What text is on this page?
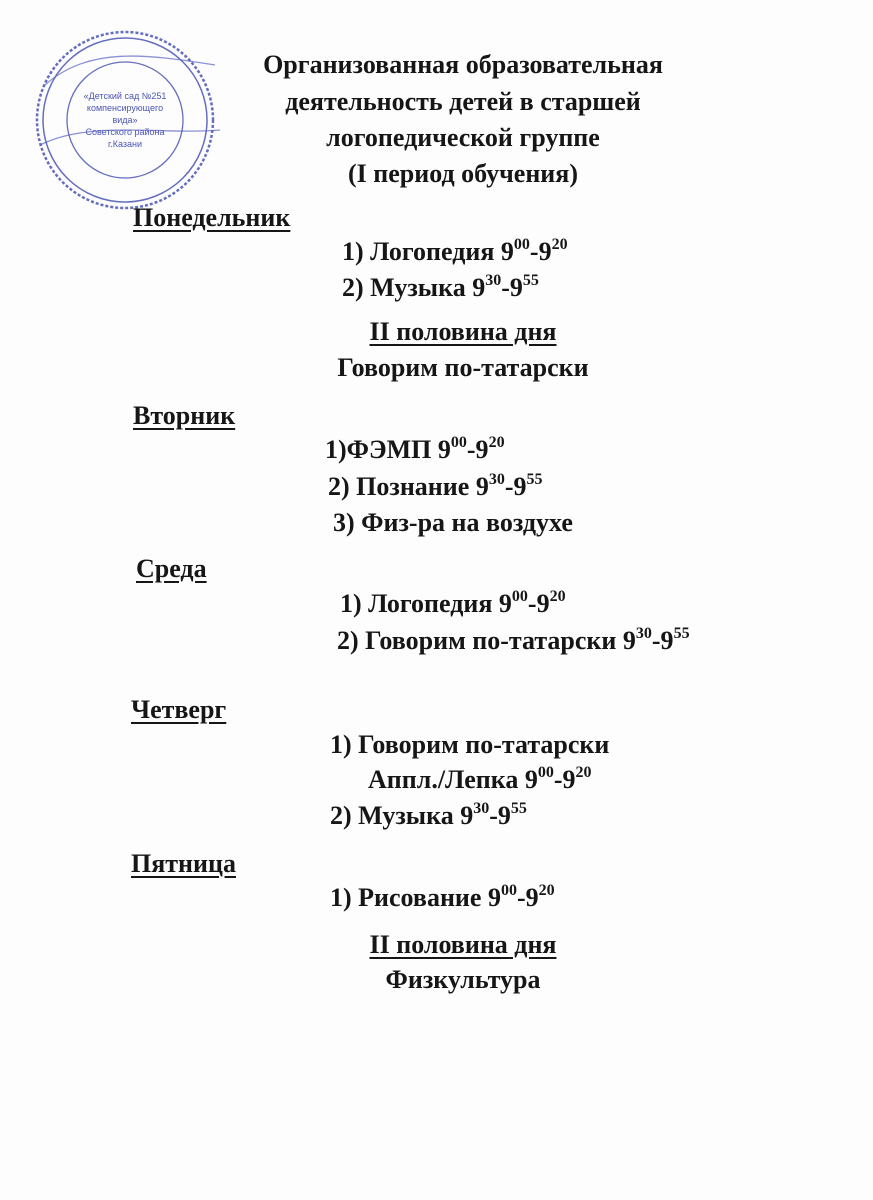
«Детский сад №251
компенсирующего
вида»
Советского района
г.Казани
Организованная образовательная
деятельность детей в старшей
логопедической группе
(I период обучения)
Понедельник
1) Логопедия $9^{00}-9^{20}$
2) Музыка $9^{30}-9^{55}$
II половина дня
Говорим по-татарски
Вторник
1)ФЭМП $9^{00}-9^{20}$
2) Познание $9^{30}-9^{55}$
3) Физ-ра на воздухе
Среда
1) Логопедия $9^{00}-9^{20}$
2) Говорим по-татарски $9^{30}-9^{55}$
Четверг
1) Говорим по-татарски
Аппл./Лепка $9^{00}-9^{20}$
2) Музыка $9^{30}-9^{55}$
Пятница
1) Рисование $9^{00}-9^{20}$
II половина дня
Физкультура
